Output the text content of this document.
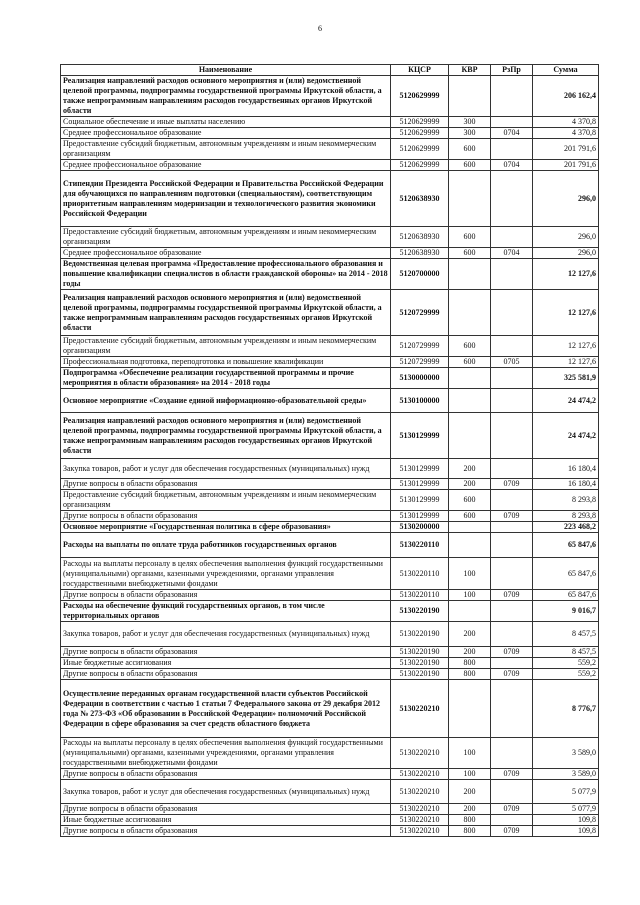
6
Наименование	КЦСР	КВР	РзПр	Сумма
Реализация направлений расходов основного мероприятия и (или) ведомственной целевой программы, подпрограммы государственной программы Иркутской области, а также непрограммным направлениям расходов государственных органов Иркутской области	5120629999			206 162,4
Социальное обеспечение и иные выплаты населению	5120629999	300		4 370,8
Среднее профессиональное образование	5120629999	300	0704	4 370,8
Предоставление субсидий бюджетным, автономным учреждениям и иным некоммерческим организациям	5120629999	600		201 791,6
Среднее профессиональное образование	5120629999	600	0704	201 791,6
Стипендии Президента Российской Федерации и Правительства Российской Федерации для обучающихся по направлениям подготовки (специальностям), соответствующим приоритетным направлениям модернизации и технологического развития экономики Российской Федерации	5120638930			296,0
Предоставление субсидий бюджетным, автономным учреждениям и иным некоммерческим организациям	5120638930	600		296,0
Среднее профессиональное образование	5120638930	600	0704	296,0
Ведомственная целевая программа «Предоставление профессионального образования и повышение квалификации специалистов в области гражданской обороны» на 2014 - 2018 годы	5120700000			12 127,6
Реализация направлений расходов основного мероприятия и (или) ведомственной целевой программы, подпрограммы государственной программы Иркутской области, а также непрограммным направлениям расходов государственных органов Иркутской области	5120729999			12 127,6
Предоставление субсидий бюджетным, автономным учреждениям и иным некоммерческим организациям	5120729999	600		12 127,6
Профессиональная подготовка, переподготовка и повышение квалификации	5120729999	600	0705	12 127,6
Подпрограмма «Обеспечение реализации государственной программы и прочие мероприятия в области образования» на 2014 - 2018 годы	5130000000			325 581,9
Основное мероприятие «Создание единой информационно-образовательной среды»	5130100000			24 474,2
Реализация направлений расходов основного мероприятия и (или) ведомственной целевой программы, подпрограммы государственной программы Иркутской области, а также непрограммным направлениям расходов государственных органов Иркутской области	5130129999			24 474,2
Закупка товаров, работ и услуг для обеспечения государственных (муниципальных) нужд	5130129999	200		16 180,4
Другие вопросы в области образования	5130129999	200	0709	16 180,4
Предоставление субсидий бюджетным, автономным учреждениям и иным некоммерческим организациям	5130129999	600		8 293,8
Другие вопросы в области образования	5130129999	600	0709	8 293,8
Основное мероприятие «Государственная политика в сфере образования»	5130200000			223 468,2
Расходы на выплаты по оплате труда работников государственных органов	5130220110			65 847,6
Расходы на выплаты персоналу в целях обеспечения выполнения функций государственными (муниципальными) органами, казенными учреждениями, органами управления государственными внебюджетными фондами	5130220110	100		65 847,6
Другие вопросы в области образования	5130220110	100	0709	65 847,6
Расходы на обеспечение функций государственных органов, в том числе территориальных органов	5130220190			9 016,7
Закупка товаров, работ и услуг для обеспечения государственных (муниципальных) нужд	5130220190	200		8 457,5
Другие вопросы в области образования	5130220190	200	0709	8 457,5
Иные бюджетные ассигнования	5130220190	800		559,2
Другие вопросы в области образования	5130220190	800	0709	559,2
Осуществление переданных органам государственной власти субъектов Российской Федерации в соответствии с частью 1 статьи 7 Федерального закона от 29 декабря 2012 года № 273-ФЗ «Об образовании в Российской Федерации» полномочий Российской Федерации в сфере образования за счет средств областного бюджета	5130220210			8 776,7
Расходы на выплаты персоналу в целях обеспечения выполнения функций государственными (муниципальными) органами, казенными учреждениями, органами управления государственными внебюджетными фондами	5130220210	100		3 589,0
Другие вопросы в области образования	5130220210	100	0709	3 589,0
Закупка товаров, работ и услуг для обеспечения государственных (муниципальных) нужд	5130220210	200		5 077,9
Другие вопросы в области образования	5130220210	200	0709	5 077,9
Иные бюджетные ассигнования	5130220210	800		109,8
Другие вопросы в области образования	5130220210	800	0709	109,8
